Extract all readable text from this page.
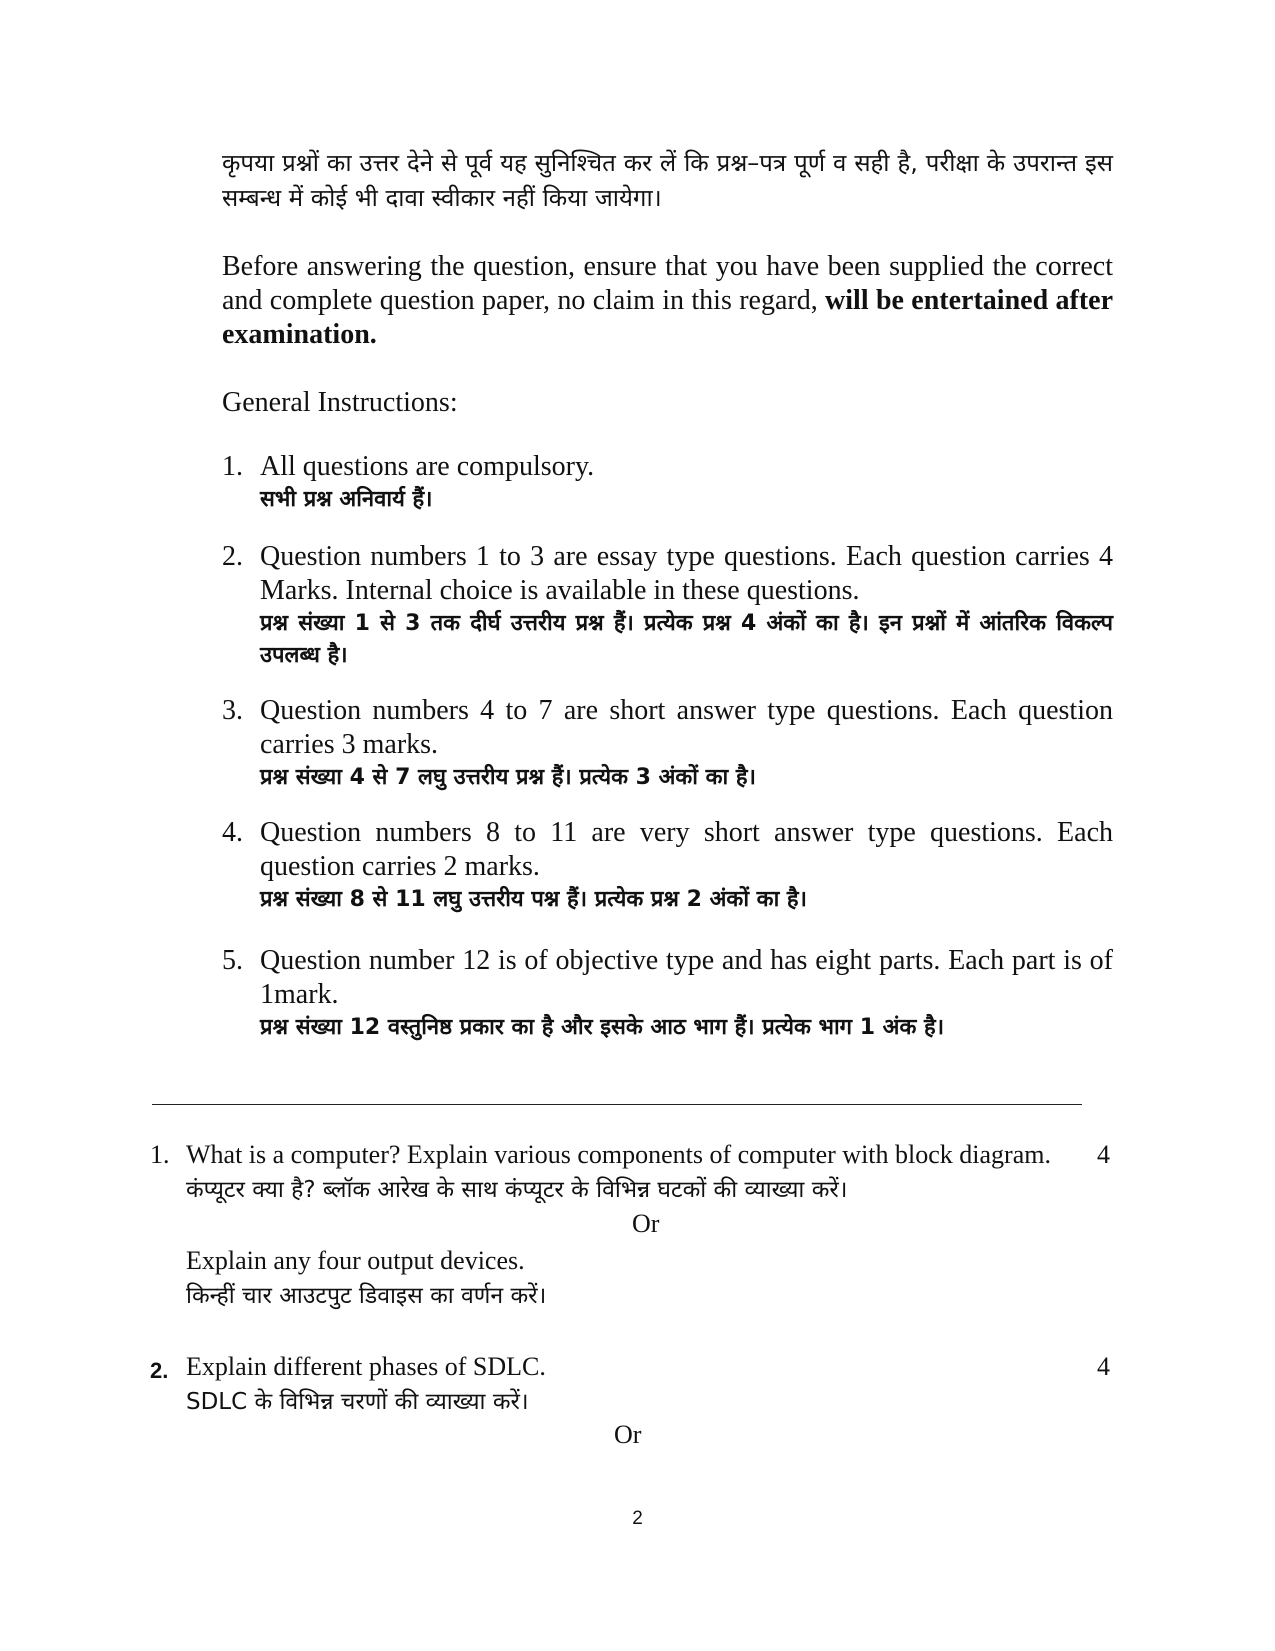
कृपया प्रश्नों का उत्तर देने से पूर्व यह सुनिश्चित कर लें कि प्रश्न–पत्र पूर्ण व सही है, परीक्षा के उपरान्त इस सम्बन्ध में कोई भी दावा स्वीकार नहीं किया जायेगा।
Before answering the question, ensure that you have been supplied the correct and complete question paper, no claim in this regard, will be entertained after examination.
General Instructions:
1. All questions are compulsory.
सभी प्रश्न अनिवार्य हैं।
2. Question numbers 1 to 3 are essay type questions. Each question carries 4 Marks. Internal choice is available in these questions.
प्रश्न संख्या 1 से 3 तक दीर्घ उत्तरीय प्रश्न हैं। प्रत्येक प्रश्न 4 अंकों का है। इन प्रश्नों में आंतरिक विकल्प उपलब्ध है।
3. Question numbers 4 to 7 are short answer type questions. Each question carries 3 marks.
प्रश्न संख्या 4 से 7 लघु उत्तरीय प्रश्न हैं। प्रत्येक 3 अंकों का है।
4. Question numbers 8 to 11 are very short answer type questions. Each question carries 2 marks.
प्रश्न संख्या 8 से 11 लघु उत्तरीय पश्न हैं। प्रत्येक प्रश्न 2 अंकों का है।
5. Question number 12 is of objective type and has eight parts. Each part is of 1mark.
प्रश्न संख्या 12 वस्तुनिष्ठ प्रकार का है और इसके आठ भाग हैं। प्रत्येक भाग 1 अंक है।
1.	4
What is a computer? Explain various components of computer with block diagram.
कंप्यूटर क्या है? ब्लॉक आरेख के साथ कंप्यूटर के विभिन्न घटकों की व्याख्या करें।
Or
Explain any four output devices.
किन्हीं चार आउटपुट डिवाइस का वर्णन करें।
2.	4
Explain different phases of SDLC.
SDLC के विभिन्न चरणों की व्याख्या करें।
Or
2
